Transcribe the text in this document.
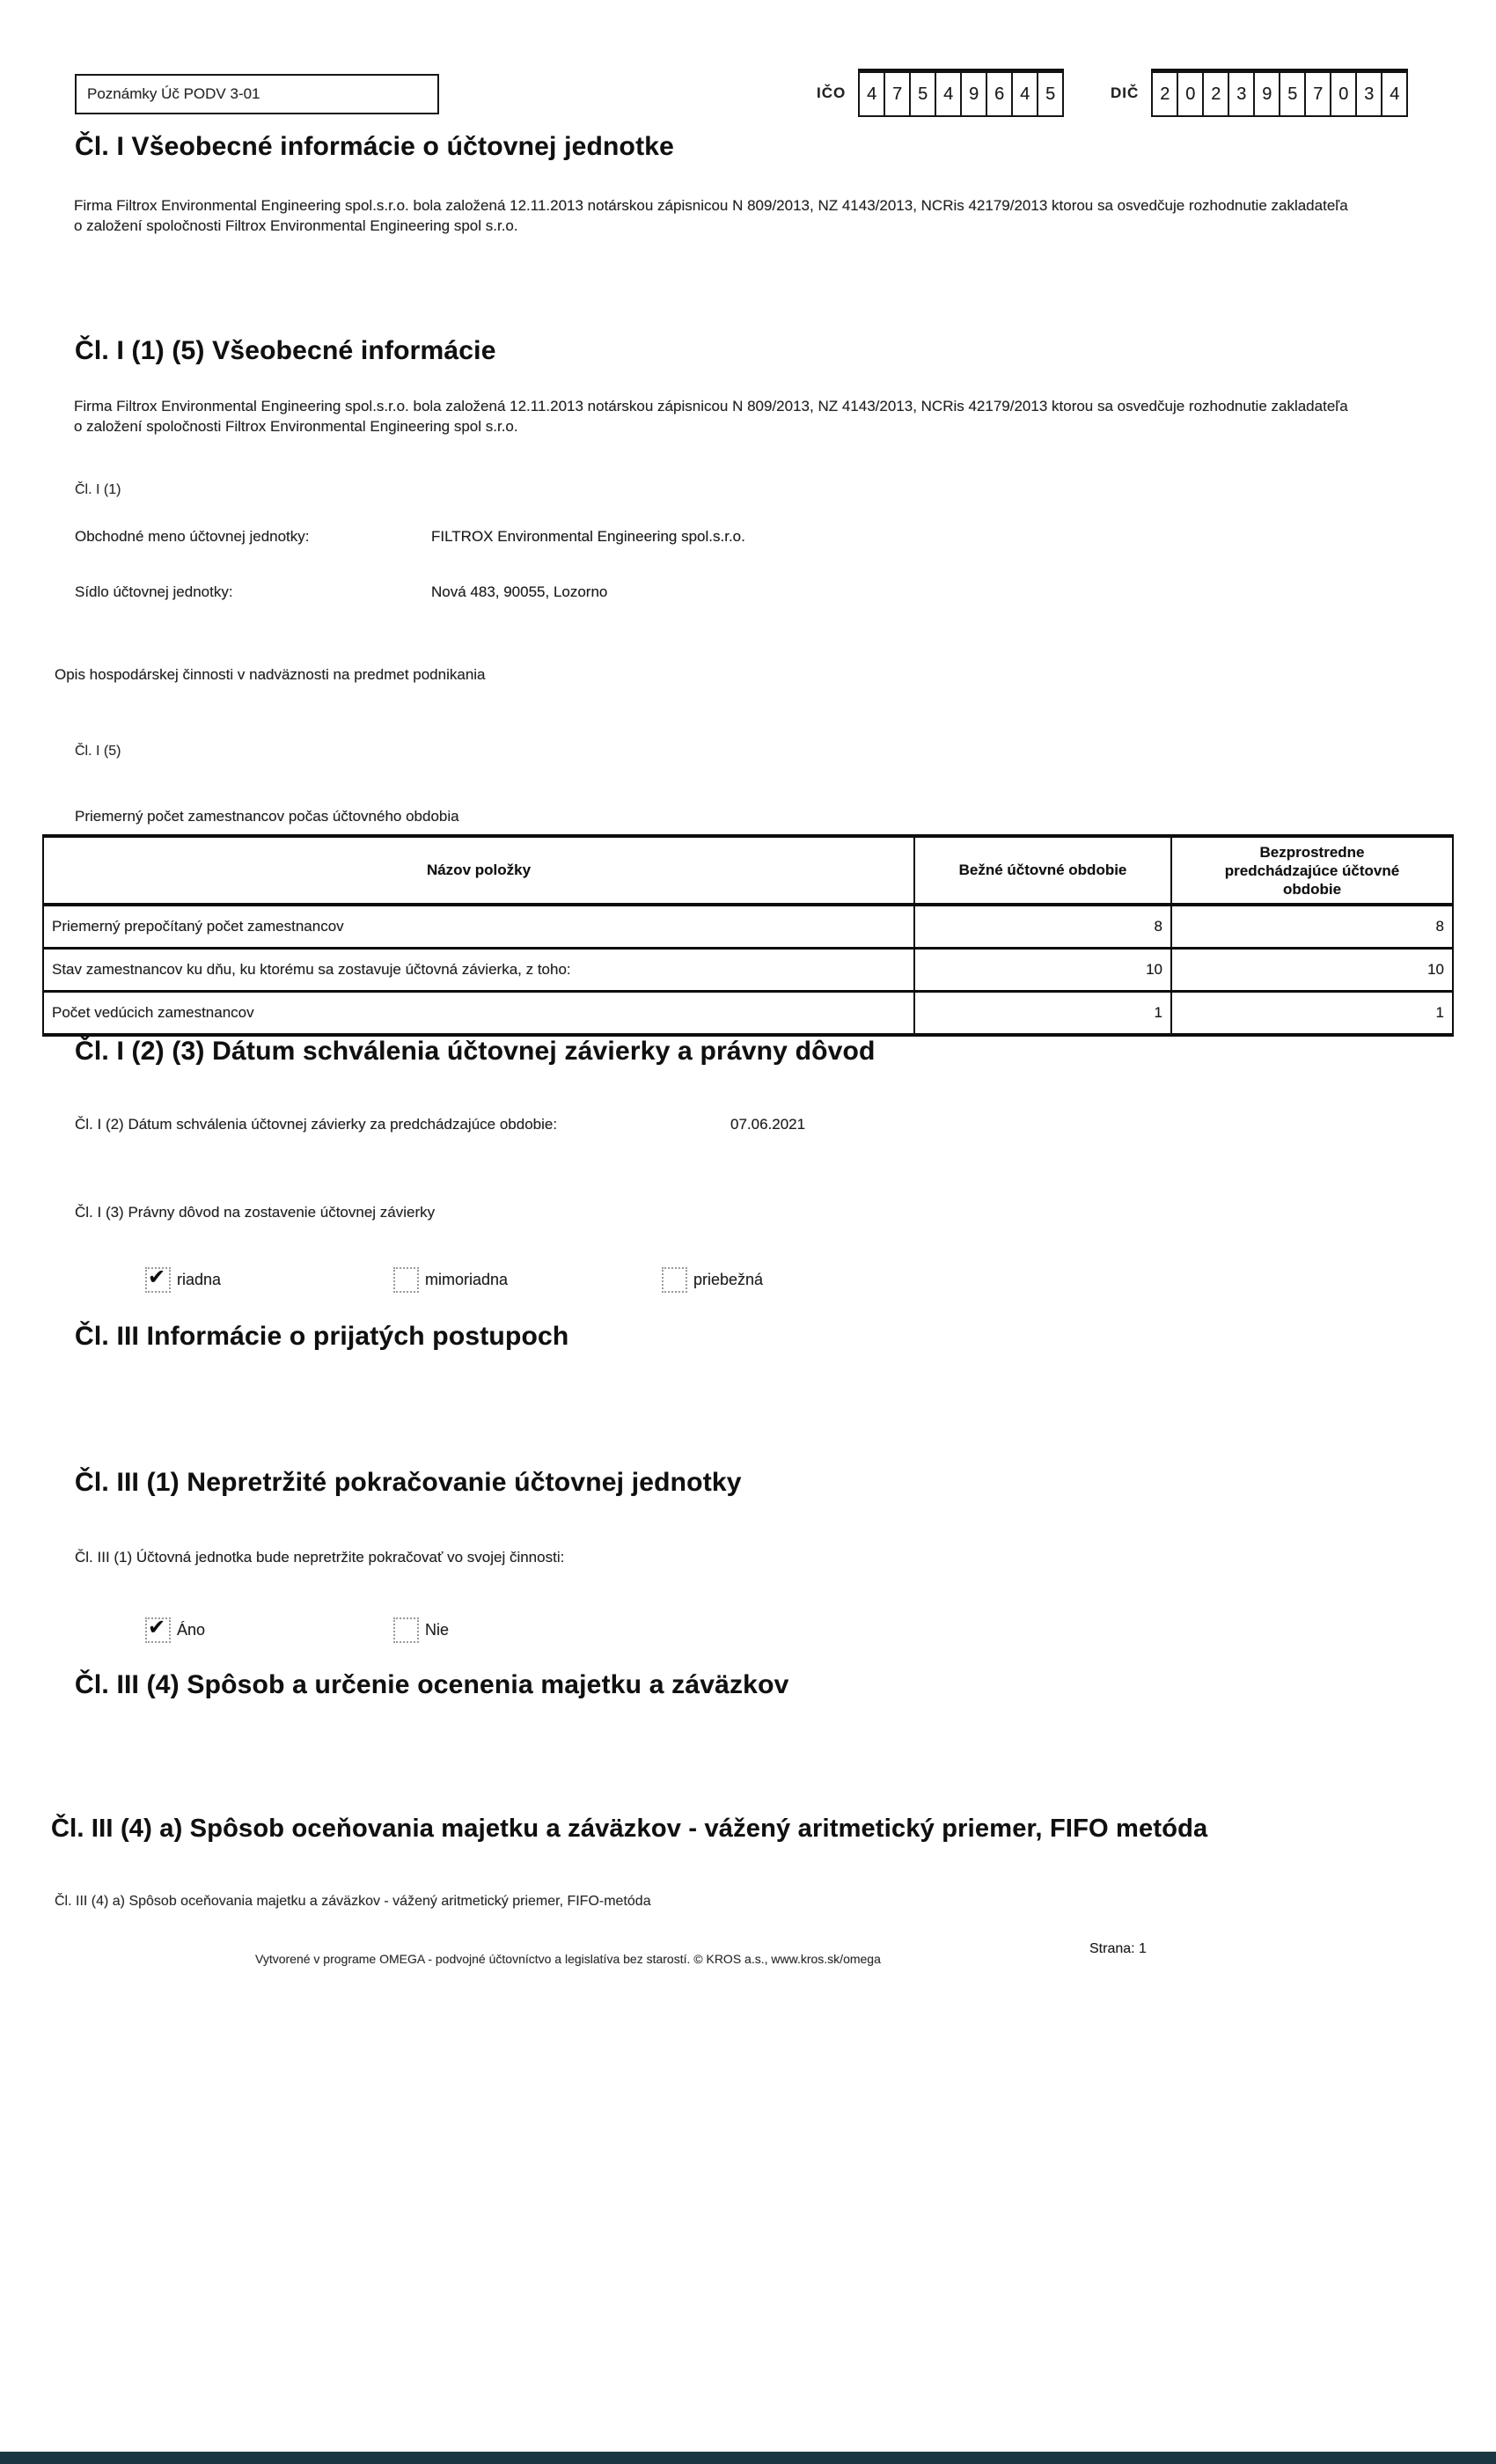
Poznámky Úč PODV 3-01	IČO	4 7 5 4 9 6 4 5	DIČ	2 0 2 3 9 5 7 0 3 4
Čl. I Všeobecné informácie o účtovnej jednotke
Firma Filtrox Environmental Engineering spol.s.r.o. bola založená 12.11.2013 notárskou zápisnicou N 809/2013, NZ 4143/2013, NCRis 42179/2013 ktorou sa osvedčuje rozhodnutie zakladateľa o založení spoločnosti Filtrox Environmental Engineering spol s.r.o.
Čl. I (1) (5) Všeobecné informácie
Firma Filtrox Environmental Engineering spol.s.r.o. bola založená 12.11.2013 notárskou zápisnicou N 809/2013, NZ 4143/2013, NCRis 42179/2013 ktorou sa osvedčuje rozhodnutie zakladateľa o založení spoločnosti Filtrox Environmental Engineering spol s.r.o.
Čl. I (1)
Obchodné meno účtovnej jednotky:	FILTROX Environmental Engineering spol.s.r.o.
Sídlo účtovnej jednotky:	Nová 483, 90055, Lozorno
Opis hospodárskej činnosti v nadväznosti na predmet podnikania
Čl. I (5)
Priemerný počet zamestnancov počas účtovného obdobia
Názov položky	Bežné účtovné obdobie	Bezprostredne predchádzajúce účtovné obdobie
Priemerný prepočítaný počet zamestnancov	8	8
Stav zamestnancov ku dňu, ku ktorému sa zostavuje účtovná závierka, z toho:	10	10
Počet vedúcich zamestnancov	1	1
Čl. I (2) (3) Dátum schválenia účtovnej závierky a právny dôvod
Čl. I (2) Dátum schválenia účtovnej závierky za predchádzajúce obdobie:	07.06.2021
Čl. I (3) Právny dôvod na zostavenie účtovnej závierky
✔ riadna	mimoriadna	priebežná
Čl. III Informácie o prijatých postupoch
Čl. III (1) Nepretržité pokračovanie účtovnej jednotky
Čl. III (1) Účtovná jednotka bude nepretržite pokračovať vo svojej činnosti:
✔ Áno	Nie
Čl. III (4) Spôsob a určenie ocenenia majetku a záväzkov
Čl. III (4) a) Spôsob oceňovania majetku a záväzkov - vážený aritmetický priemer, FIFO metóda
Čl. III (4) a) Spôsob oceňovania majetku a záväzkov - vážený aritmetický priemer, FIFO-metóda
Vytvorené v programe OMEGA - podvojné účtovníctvo a legislatíva bez starostí. © KROS a.s., www.kros.sk/omega
Strana: 1
